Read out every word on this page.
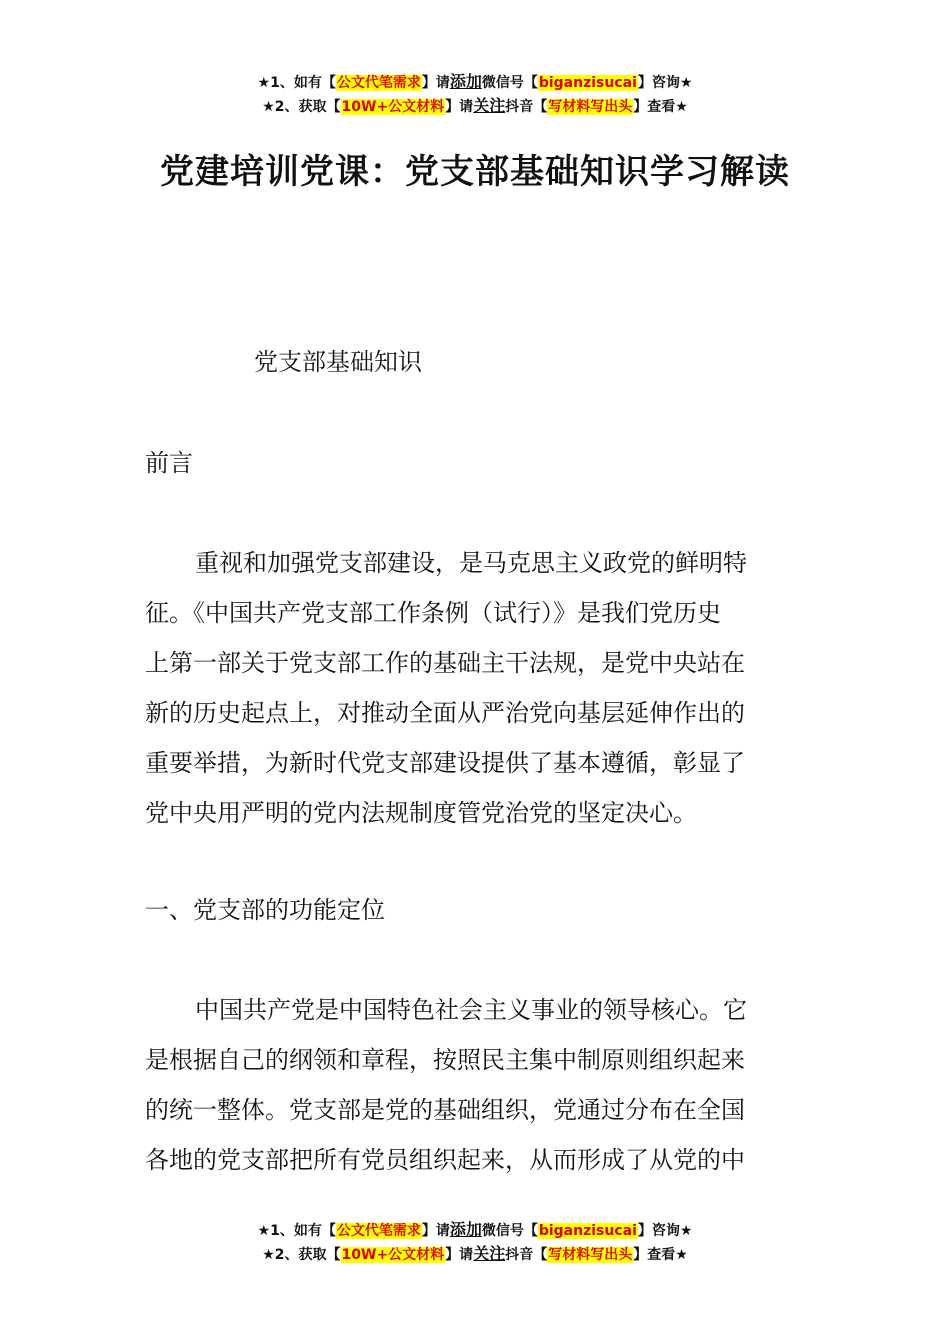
★1、如有【公文代笔需求】请添加微信号【biganzisucai】咨询★
★2、获取【10W+公文材料】请关注抖音【写材料写出头】查看★
党建培训党课：党支部基础知识学习解读
党支部基础知识
前言
重视和加强党支部建设，是马克思主义政党的鲜明特
征。《中国共产党支部工作条例（试行）》是我们党历史
上第一部关于党支部工作的基础主干法规，是党中央站在
新的历史起点上，对推动全面从严治党向基层延伸作出的
重要举措，为新时代党支部建设提供了基本遵循，彰显了
党中央用严明的党内法规制度管党治党的坚定决心。
一、党支部的功能定位
中国共产党是中国特色社会主义事业的领导核心。它
是根据自己的纲领和章程，按照民主集中制原则组织起来
的统一整体。党支部是党的基础组织，党通过分布在全国
各地的党支部把所有党员组织起来，从而形成了从党的中
★1、如有【公文代笔需求】请添加微信号【biganzisucai】咨询★
★2、获取【10W+公文材料】请关注抖音【写材料写出头】查看★
